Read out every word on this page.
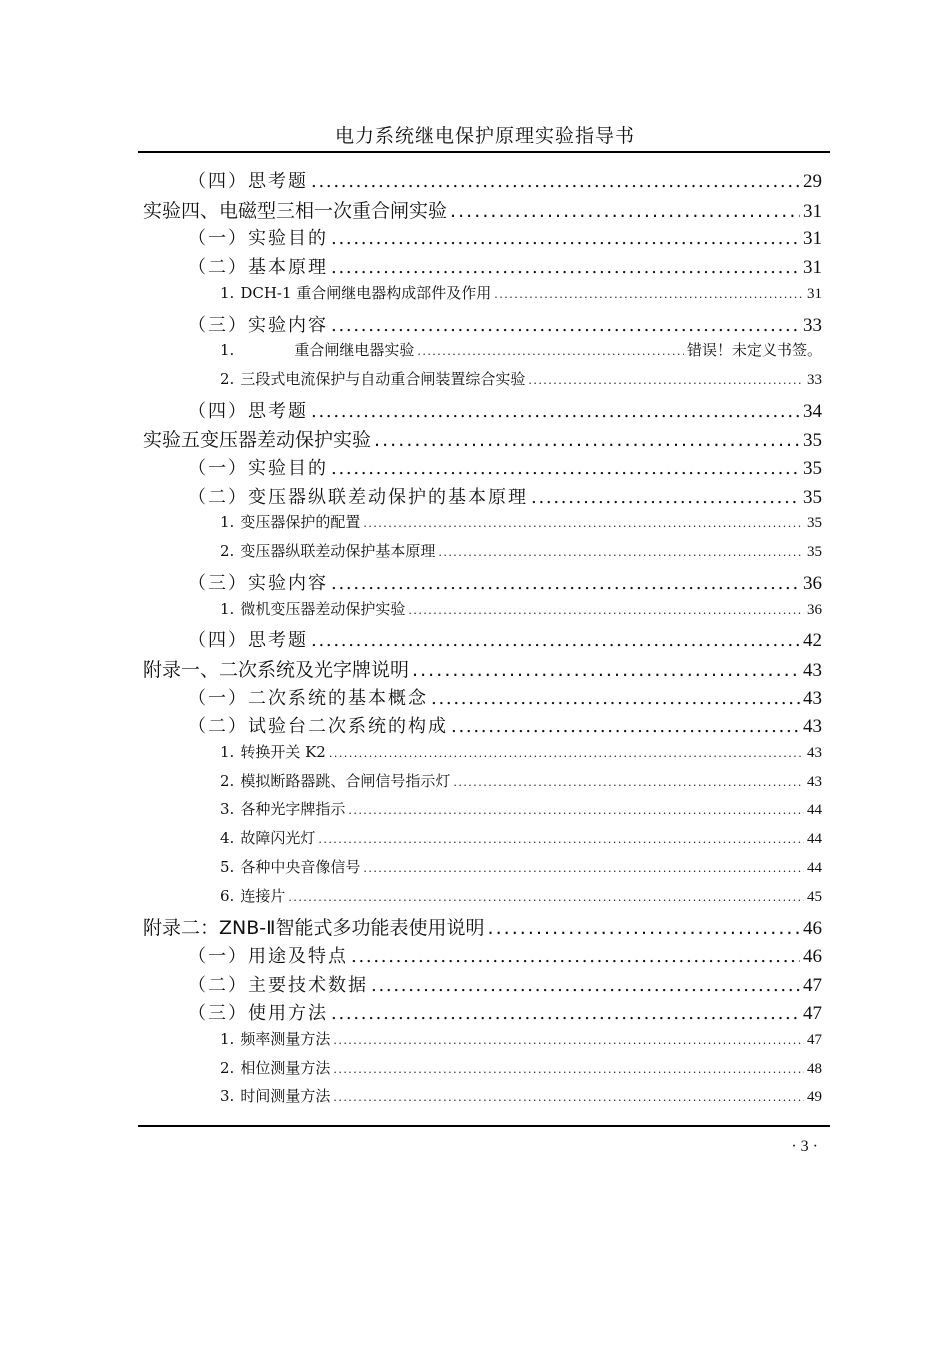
电力系统继电保护原理实验指导书
（四）思考题 . . .	29
实验四、电磁型三相一次重合闸实验 . . .	31
（一）实验目的 . . .	31
（二）基本原理 . . .	31
1. DCH-1 重合闸继电器构成部件及作用 . . .	31
（三）实验内容 . . .	33
1.	重合闸继电器实验 . . .	错误！未定义书签。
2. 三段式电流保护与自动重合闸装置综合实验 . . .	33
（四）思考题 . . .	34
实验五变压器差动保护实验 . . .	35
（一）实验目的 . . .	35
（二）变压器纵联差动保护的基本原理 . . .	35
1. 变压器保护的配置 . . .	35
2. 变压器纵联差动保护基本原理 . . .	35
（三）实验内容 . . .	36
1. 微机变压器差动保护实验 . . .	36
（四）思考题 . . .	42
附录一、二次系统及光字牌说明 . . .	43
（一）二次系统的基本概念 . . .	43
（二）试验台二次系统的构成 . . .	43
1. 转换开关 K2 . . .	43
2. 模拟断路器跳、合闸信号指示灯 . . .	43
3. 各种光字牌指示 . . .	44
4. 故障闪光灯 . . .	44
5. 各种中央音像信号 . . .	44
6. 连接片 . . .	45
附录二：ZNB-Ⅱ智能式多功能表使用说明 . . .	46
（一）用途及特点 . . .	46
（二）主要技术数据 . . .	47
（三）使用方法 . . .	47
1. 频率测量方法 . . .	47
2. 相位测量方法 . . .	48
3. 时间测量方法 . . .	49
· 3 ·
